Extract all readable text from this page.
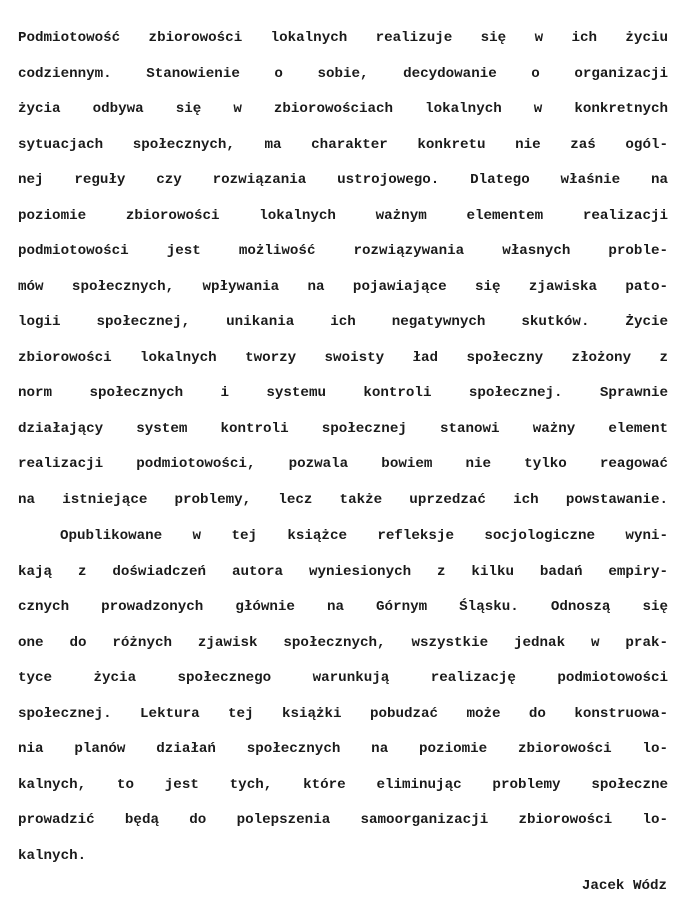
Podmiotowość zbiorowości lokalnych realizuje się w ich życiu
codziennym. Stanowienie o sobie, decydowanie o organizacji
życia odbywa się w zbiorowościach lokalnych w konkretnych
sytuacjach społecznych, ma charakter konkretu nie zaś ogól-
nej reguły czy rozwiązania ustrojowego. Dlatego właśnie na
poziomie zbiorowości lokalnych ważnym elementem realizacji
podmiotowości jest możliwość rozwiązywania własnych proble-
mów społecznych, wpływania na pojawiające się zjawiska pato-
logii społecznej, unikania ich negatywnych skutków. Życie
zbiorowości lokalnych tworzy swoisty ład społeczny złożony z
norm społecznych i systemu kontroli społecznej. Sprawnie
działający system kontroli społecznej stanowi ważny element
realizacji podmiotowości, pozwala bowiem nie tylko reagować
na istniejące problemy, lecz także uprzedzać ich powstawanie.
Opublikowane w tej książce refleksje socjologiczne wyni-
kają z doświadczeń autora wyniesionych z kilku badań empiry-
cznych prowadzonych głównie na Górnym Śląsku. Odnoszą się
one do różnych zjawisk społecznych, wszystkie jednak w prak-
tyce życia społecznego warunkują realizację podmiotowości
społecznej. Lektura tej książki pobudzać może do konstruowa-
nia planów działań społecznych na poziomie zbiorowości lo-
kalnych, to jest tych, które eliminując problemy społeczne
prowadzić będą do polepszenia samoorganizacji zbiorowości lo-
kalnych.
Jacek Wódz
